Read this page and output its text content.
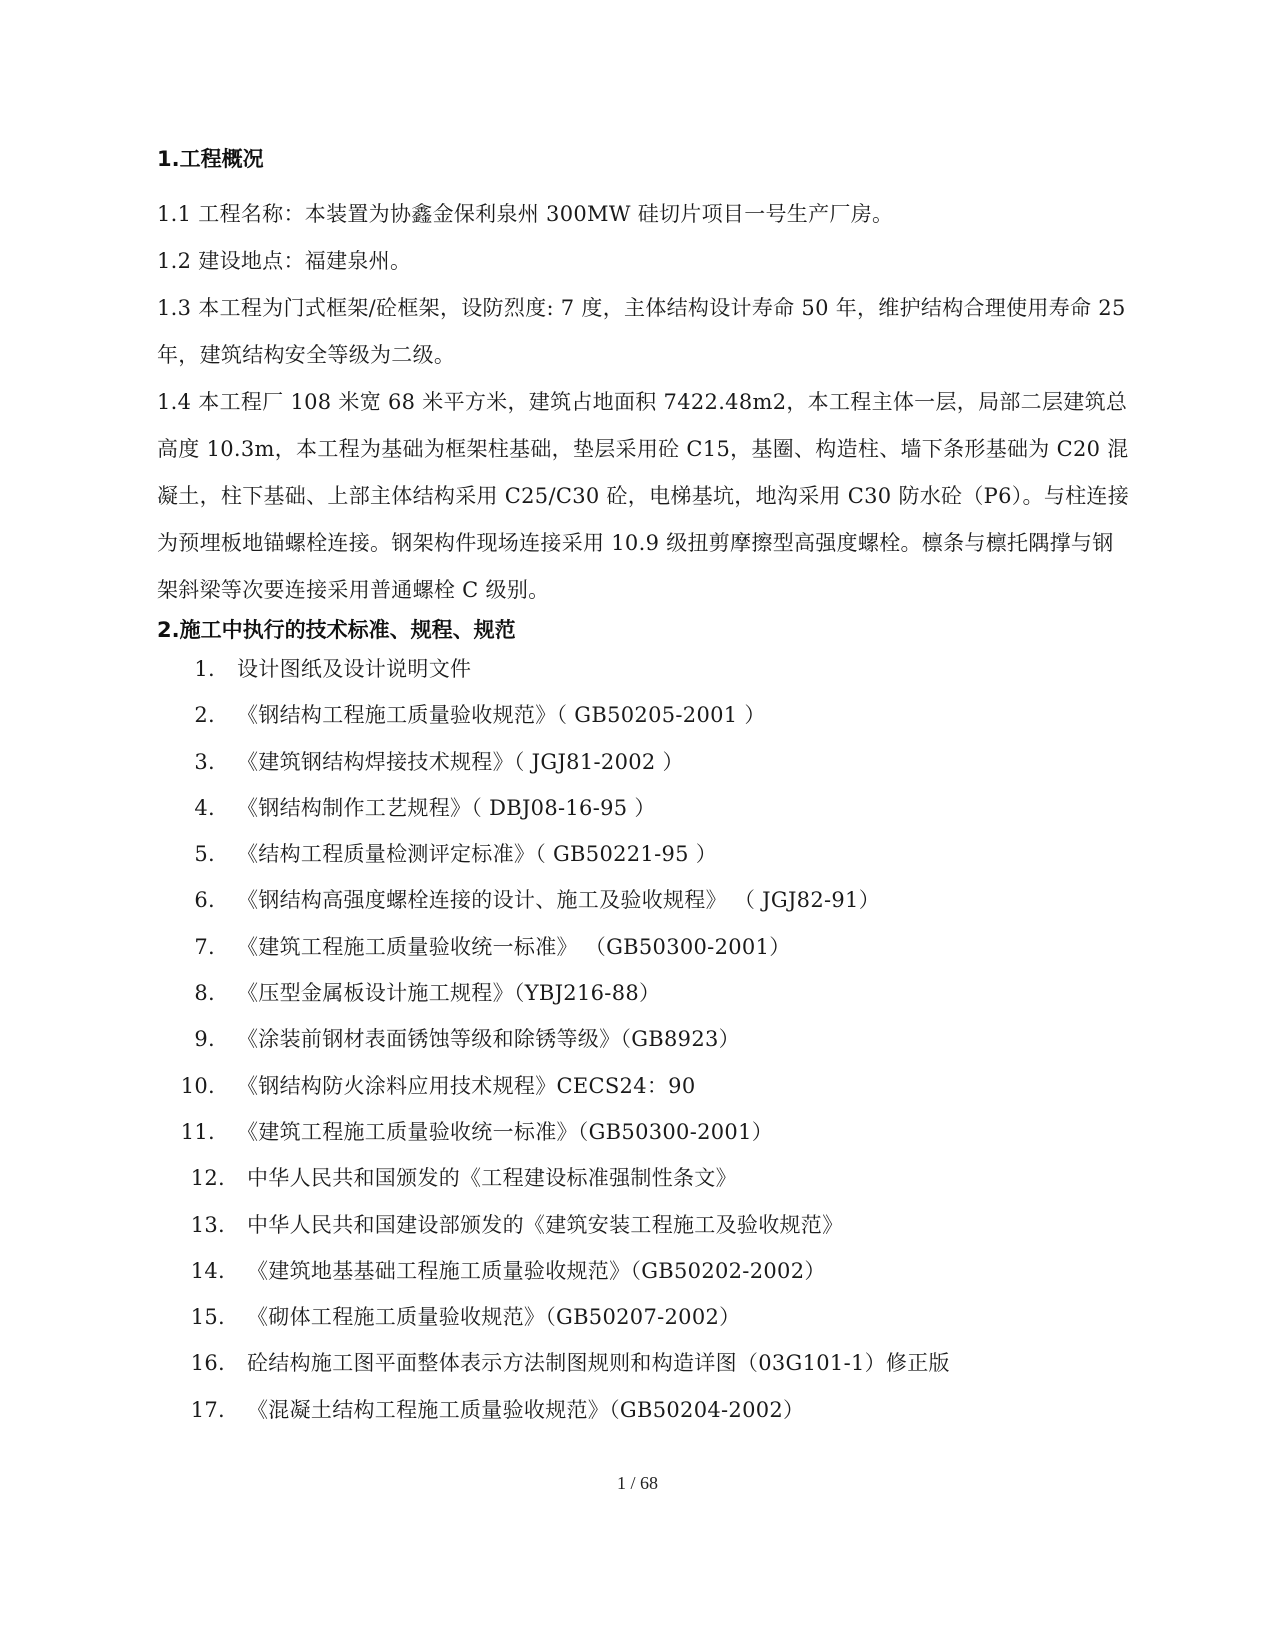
1.工程概况

1.1 工程名称：本装置为协鑫金保利泉州 300MW 硅切片项目一号生产厂房。

1.2 建设地点：福建泉州。

1.3 本工程为门式框架/砼框架，设防烈度: 7 度，主体结构设计寿命 50 年，维护结构合理使用寿命 25 年，建筑结构安全等级为二级。

1.4 本工程厂 108 米宽 68 米平方米，建筑占地面积 7422.48m2，本工程主体一层，局部二层建筑总高度 10.3m，本工程为基础为框架柱基础，垫层采用砼 C15，基圈、构造柱、墙下条形基础为 C20 混凝土，柱下基础、上部主体结构采用 C25/C30 砼，电梯基坑，地沟采用 C30 防水砼（P6）。与柱连接为预埋板地锚螺栓连接。钢架构件现场连接采用 10.9 级扭剪摩擦型高强度螺栓。檩条与檩托隅撑与钢架斜梁等次要连接采用普通螺栓 C 级别。

2.施工中执行的技术标准、规程、规范
1.	设计图纸及设计说明文件
2.	《钢结构工程施工质量验收规范》（ GB50205-2001 ）
3.	《建筑钢结构焊接技术规程》（ JGJ81-2002 ）
4.	《钢结构制作工艺规程》（ DBJ08-16-95 ）
5.	《结构工程质量检测评定标准》（ GB50221-95 ）
6.	《钢结构高强度螺栓连接的设计、施工及验收规程》 （ JGJ82-91）
7.	《建筑工程施工质量验收统一标准》 （GB50300-2001）
8.	《压型金属板设计施工规程》（YBJ216-88）
9.	《涂装前钢材表面锈蚀等级和除锈等级》（GB8923）
10.	《钢结构防火涂料应用技术规程》CECS24：90
11.	《建筑工程施工质量验收统一标准》（GB50300-2001）
12.	中华人民共和国颁发的《工程建设标准强制性条文》
13.	中华人民共和国建设部颁发的《建筑安装工程施工及验收规范》
14.	《建筑地基基础工程施工质量验收规范》（GB50202-2002）
15.	《砌体工程施工质量验收规范》（GB50207-2002）
16.	砼结构施工图平面整体表示方法制图规则和构造详图（03G101-1）修正版
17.	《混凝土结构工程施工质量验收规范》（GB50204-2002）
1 / 68
